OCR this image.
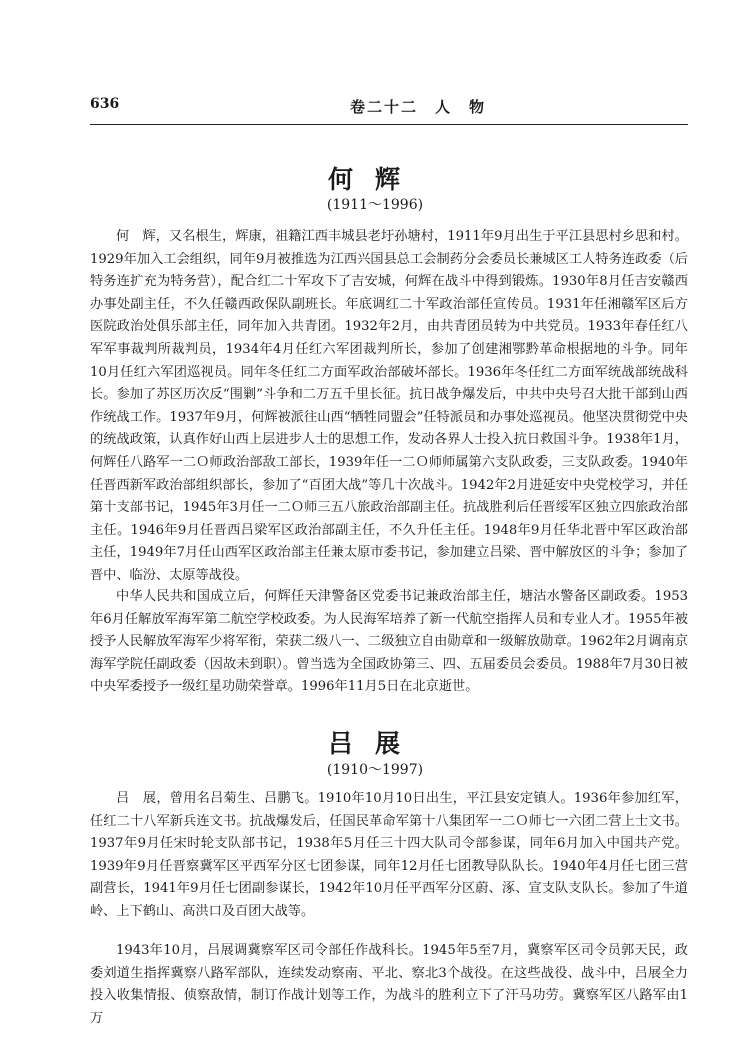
636	卷二十二　人　物
何辉
(1911～1996)

何　辉，又名根生，辉康，祖籍江西丰城县老圩孙塘村，1911年9月出生于平江县思村乡思和村。1929年加入工会组织，同年9月被推选为江西兴国县总工会制药分会委员长兼城区工人特务连政委（后特务连扩充为特务营），配合红二十军攻下了吉安城，何辉在战斗中得到锻炼。1930年8月任吉安赣西办事处副主任，不久任赣西政保队副班长。年底调红二十军政治部任宣传员。1931年任湘赣军区后方医院政治处俱乐部主任，同年加入共青团。1932年2月，由共青团员转为中共党员。1933年春任红八军军事裁判所裁判员，1934年4月任红六军团裁判所长，参加了创建湘鄂黔革命根据地的斗争。同年10月任红六军团巡视员。同年冬任红二方面军政治部破坏部长。1936年冬任红二方面军统战部统战科长。参加了苏区历次反“围剿”斗争和二万五千里长征。抗日战争爆发后，中共中央号召大批干部到山西作统战工作。1937年9月，何辉被派往山西“牺牲同盟会”任特派员和办事处巡视员。他坚决贯彻党中央的统战政策，认真作好山西上层进步人士的思想工作，发动各界人士投入抗日救国斗争。1938年1月，何辉任八路军一二Ｏ师政治部敌工部长，1939年任一二Ｏ师师属第六支队政委，三支队政委。1940年任晋西新军政治部组织部长，参加了“百团大战”等几十次战斗。1942年2月进延安中央党校学习，并任第十支部书记，1945年3月任一二Ｏ师三五八旅政治部副主任。抗战胜利后任晋绥军区独立四旅政治部主任。1946年9月任晋西吕梁军区政治部副主任，不久升任主任。1948年9月任华北晋中军区政治部主任，1949年7月任山西军区政治部主任兼太原市委书记，参加建立吕梁、晋中解放区的斗争；参加了晋中、临汾、太原等战役。

中华人民共和国成立后，何辉任天津警备区党委书记兼政治部主任，塘沽水警备区副政委。1953年6月任解放军海军第二航空学校政委。为人民海军培养了新一代航空指挥人员和专业人才。1955年被授予人民解放军海军少将军衔，荣获二级八一、二级独立自由勋章和一级解放勋章。1962年2月调南京海军学院任副政委（因故未到职）。曾当选为全国政协第三、四、五届委员会委员。1988年7月30日被中央军委授予一级红星功勋荣誉章。1996年11月5日在北京逝世。

吕展
(1910～1997)

吕　展，曾用名吕菊生、吕鹏飞。1910年10月10日出生，平江县安定镇人。1936年参加红军，任红二十八军新兵连文书。抗战爆发后，任国民革命军第十八集团军一二Ｏ师七一六团二营上士文书。1937年9月任宋时轮支队部书记，1938年5月任三十四大队司令部参谋，同年6月加入中国共产党。1939年9月任晋察冀军区平西军分区七团参谋，同年12月任七团教导队队长。1940年4月任七团三营副营长，1941年9月任七团副参谋长，1942年10月任平西军分区蔚、涿、宣支队支队长。参加了牛道岭、上下鹤山、高洪口及百团大战等。

1943年10月，吕展调冀察军区司令部任作战科长。1945年5至7月，冀察军区司令员郭天民，政委刘道生指挥冀察八路军部队，连续发动察南、平北、察北3个战役。在这些战役、战斗中，吕展全力投入收集情报、侦察敌情，制订作战计划等工作，为战斗的胜利立下了汗马功劳。冀察军区八路军由1万
